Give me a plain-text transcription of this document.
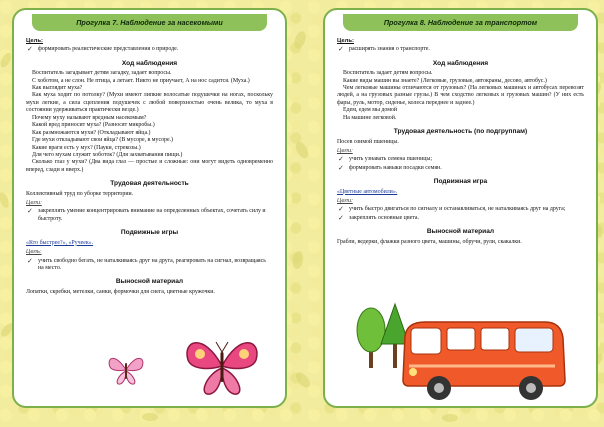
Прогулка 7. Наблюдение за насекомыми
Цель:
✓ формировать реалистические представления о природе.
Ход наблюдения

Воспитатель загадывает детям загадку, задает вопросы.

С хоботом, а не слон. Не птица, а летает. Никто не приучает, А на нос садится. (Муха.)

Как выглядит муха?

Как муха ходит по потолку? (Мухи имеют липкие волосатые подушечки на ногах, поскольку мухи легкие, а сила сцепления подушечек с любой поверхностью очень велика, то муха в состоянии удерживаться практически везде.)

Почему муху называют вредным насекомым?

Какой вред приносит муха? (Разносят микробы.)

Как размножаются мухи? (Откладывают яйца.)

Где мухи откладывают свои яйца? (В мусоре, в мусоре.)

Какие враги есть у мух? (Пауки, стрекозы.)

Для чего мухам служит хоботок? (Для захватывания пищи.)

Сколько глаз у мухи? (Два вида глаз — простые и сложные: они могут видеть одновременно вперед, сзади и вверх.)

Трудовая деятельность

Коллективный труд по уборке территории.

Цели:
✓ закреплять умение концентрировать внимание на определенных объектах, сочетать силу и быстроту.
Подвижные игры

«Кто быстрее?», «Ручеек».

Цель:
✓ учить свободно бегать, не наталкиваясь друг на друга, реагировать на сигнал, возвращаясь на место.
Выносной материал

Лопатки, скребки, метелки, санки, формочки для снега, цветные кружочки.

Прогулка 8. Наблюдение за транспортом
Цель:
✓ расширять знания о транспорте.
Ход наблюдения

Воспитатель задает детям вопросы.

Какие виды машин вы знаете? (Легковые, грузовые, автокраны, десово, автобус.)

Чем легковые машины отличаются от грузовых? (На легковых машинах и автобусах перевозят людей, а на грузовых разные грузы.) В чем сходство легковых и грузовых машин? (У них есть фары, руль, мотор, сиденье, колеса переднее и заднее.)

Едем, едем мы домой

На машине легковой.

Трудовая деятельность (по подгруппам)

Посев озимой пшеницы.

Цели:
✓ учить узнавать семена пшеницы;
✓ формировать навыки посадки семян.
Подвижная игра

«Цветные автомобили».

Цели:
✓ учить быстро двигаться по сигналу и останавливаться, не наталкиваясь друг на друга;
✓ закреплять основные цвета.
Выносной материал

Грабли, ведерки, флажки разного цвета, машины, обручи, рули, скакалки.
